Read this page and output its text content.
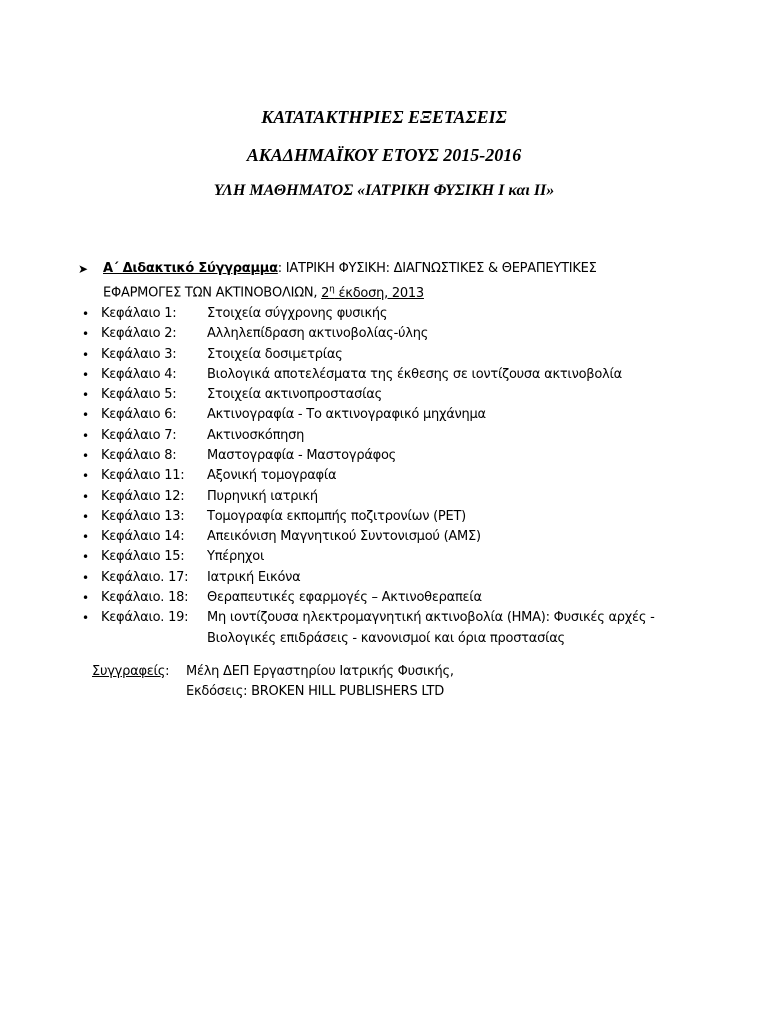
ΚΑΤΑΤΑΚΤΗΡΙΕΣ ΕΞΕΤΑΣΕΙΣ
ΑΚΑΔΗΜΑΪΚΟΥ ΕΤΟΥΣ 2015-2016
ΥΛΗ ΜΑΘΗΜΑΤΟΣ «ΙΑΤΡΙΚΗ ΦΥΣΙΚΗ Ι και ΙΙ»
➤ Α΄ Διδακτικό Σύγγραμμα: ΙΑΤΡΙΚΗ ΦΥΣΙΚΗ: ΔΙΑΓΝΩΣΤΙΚΕΣ & ΘΕΡΑΠΕΥΤΙΚΕΣ
ΕΦΑΡΜΟΓΕΣ ΤΩΝ ΑΚΤΙΝΟΒΟΛΙΩΝ, $2^\eta$ έκδοση, 2013
• Κεφάλαιο 1:	Στοιχεία σύγχρονης φυσικής
• Κεφάλαιο 2:	Αλληλεπίδραση ακτινοβολίας-ύλης
• Κεφάλαιο 3:	Στοιχεία δοσιμετρίας
• Κεφάλαιο 4:	Βιολογικά αποτελέσματα της έκθεσης σε ιοντίζουσα ακτινοβολία
• Κεφάλαιο 5:	Στοιχεία ακτινοπροστασίας
• Κεφάλαιο 6:	Ακτινογραφία - Το ακτινογραφικό μηχάνημα
• Κεφάλαιο 7:	Ακτινοσκόπηση
• Κεφάλαιο 8:	Μαστογραφία - Μαστογράφος
• Κεφάλαιο 11:	Αξονική τομογραφία
• Κεφάλαιο 12:	Πυρηνική ιατρική
• Κεφάλαιο 13:	Τομογραφία εκπομπής ποζιτρονίων (PET)
• Κεφάλαιο 14:	Απεικόνιση Μαγνητικού Συντονισμού (ΑΜΣ)
• Κεφάλαιο 15:	Υπέρηχοι
• Κεφάλαιο. 17:	Ιατρική Εικόνα
• Κεφάλαιο. 18:	Θεραπευτικές εφαρμογές – Ακτινοθεραπεία
• Κεφάλαιο. 19:	Μη ιοντίζουσα ηλεκτρομαγνητική ακτινοβολία (ΗΜΑ): Φυσικές αρχές - Βιολογικές επιδράσεις - κανονισμοί και όρια προστασίας
Συγγραφείς:	Μέλη ΔΕΠ Εργαστηρίου Ιατρικής Φυσικής,
Εκδόσεις: BROKEN HILL PUBLISHERS LTD
